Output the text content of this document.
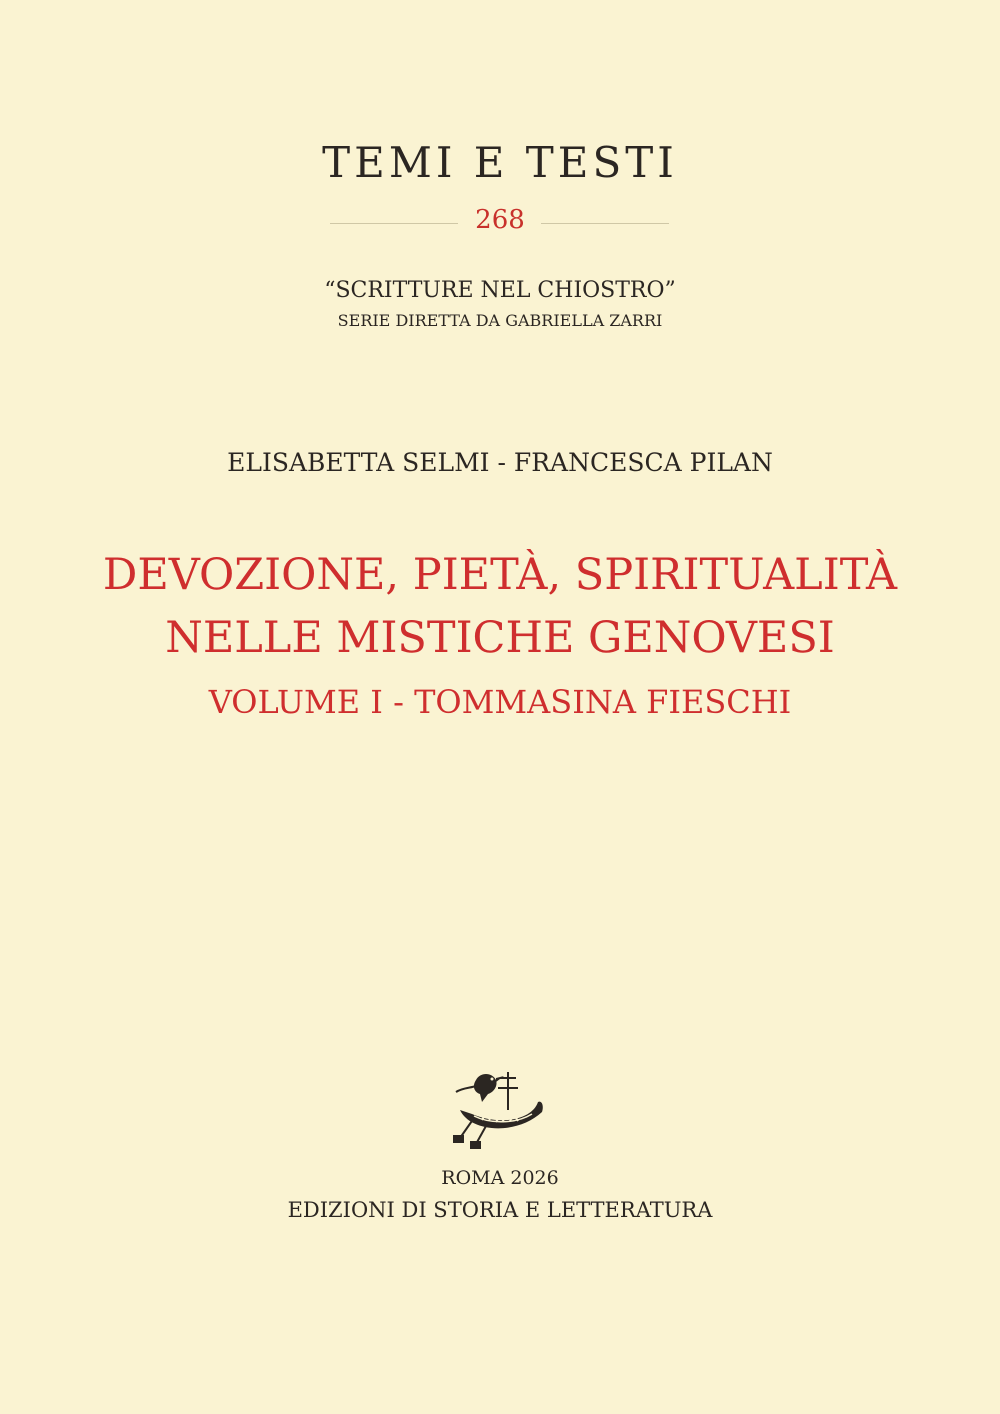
TEMI E TESTI
268
“SCRITTURE NEL CHIOSTRO”
SERIE DIRETTA DA GABRIELLA ZARRI
ELISABETTA SELMI - FRANCESCA PILAN
DEVOZIONE, PIETÀ, SPIRITUALITÀ
NELLE MISTICHE GENOVESI
VOLUME I - TOMMASINA FIESCHI
ROMA 2026
EDIZIONI DI STORIA E LETTERATURA
